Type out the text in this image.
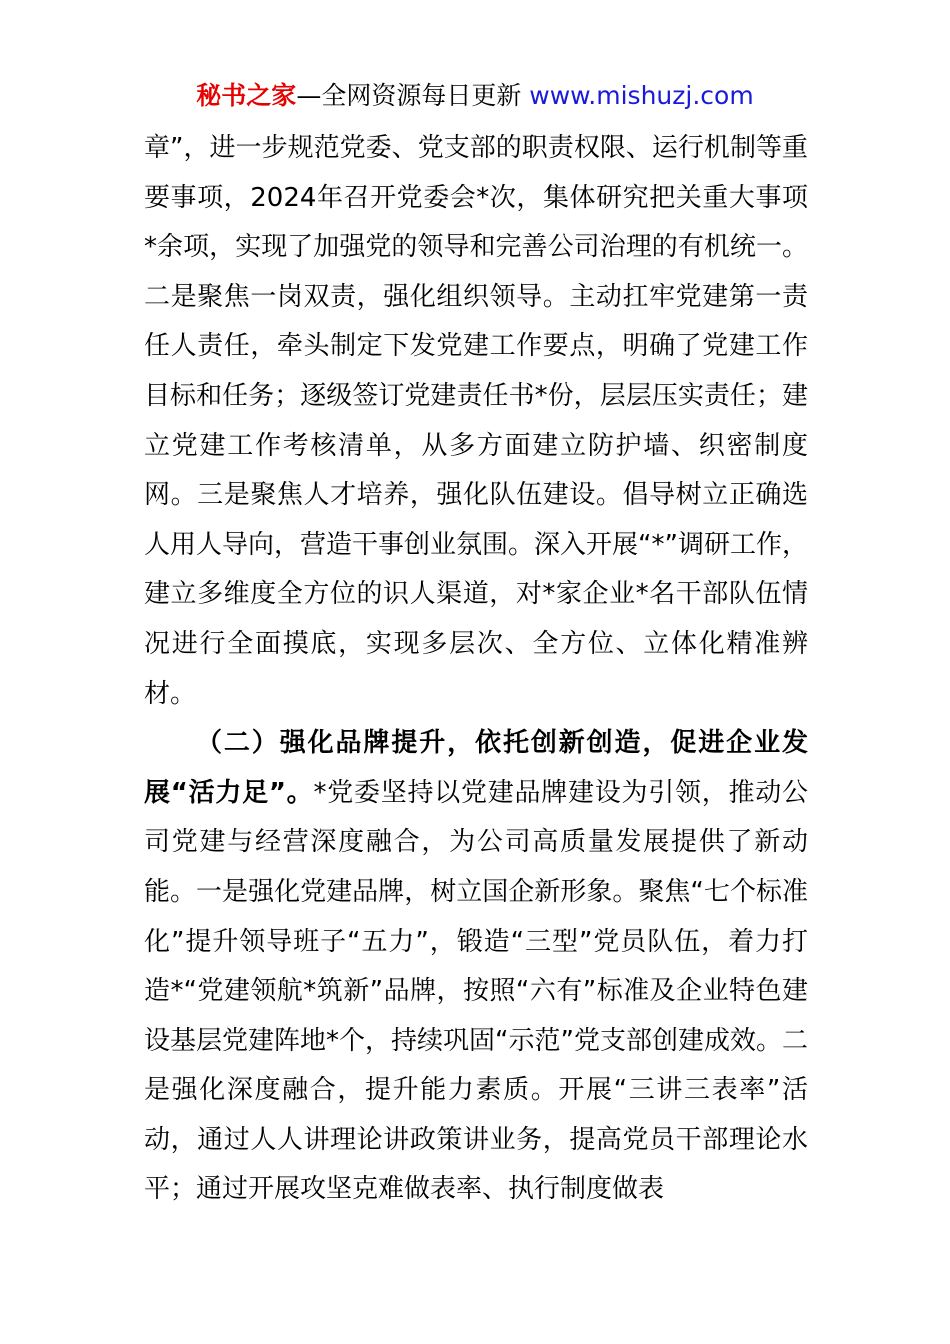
秘书之家—全网资源每日更新 www.mishuzj.com

章”，进一步规范党委、党支部的职责权限、运行机制等重要事项，2024年召开党委会*次，集体研究把关重大事项*余项，实现了加强党的领导和完善公司治理的有机统一。二是聚焦一岗双责，强化组织领导。主动扛牢党建第一责任人责任，牵头制定下发党建工作要点，明确了党建工作目标和任务；逐级签订党建责任书*份，层层压实责任；建立党建工作考核清单，从多方面建立防护墙、织密制度网。三是聚焦人才培养，强化队伍建设。倡导树立正确选人用人导向，营造干事创业氛围。深入开展“*”调研工作，建立多维度全方位的识人渠道，对*家企业*名干部队伍情况进行全面摸底，实现多层次、全方位、立体化精准辨材。

（二）强化品牌提升，依托创新创造，促进企业发展“活力足”。*党委坚持以党建品牌建设为引领，推动公司党建与经营深度融合，为公司高质量发展提供了新动能。一是强化党建品牌，树立国企新形象。聚焦“七个标准化”提升领导班子“五力”，锻造“三型”党员队伍，着力打造*“党建领航*筑新”品牌，按照“六有”标准及企业特色建设基层党建阵地*个，持续巩固“示范”党支部创建成效。二是强化深度融合，提升能力素质。开展“三讲三表率”活动，通过人人讲理论讲政策讲业务，提高党员干部理论水平；通过开展攻坚克难做表率、执行制度做表
